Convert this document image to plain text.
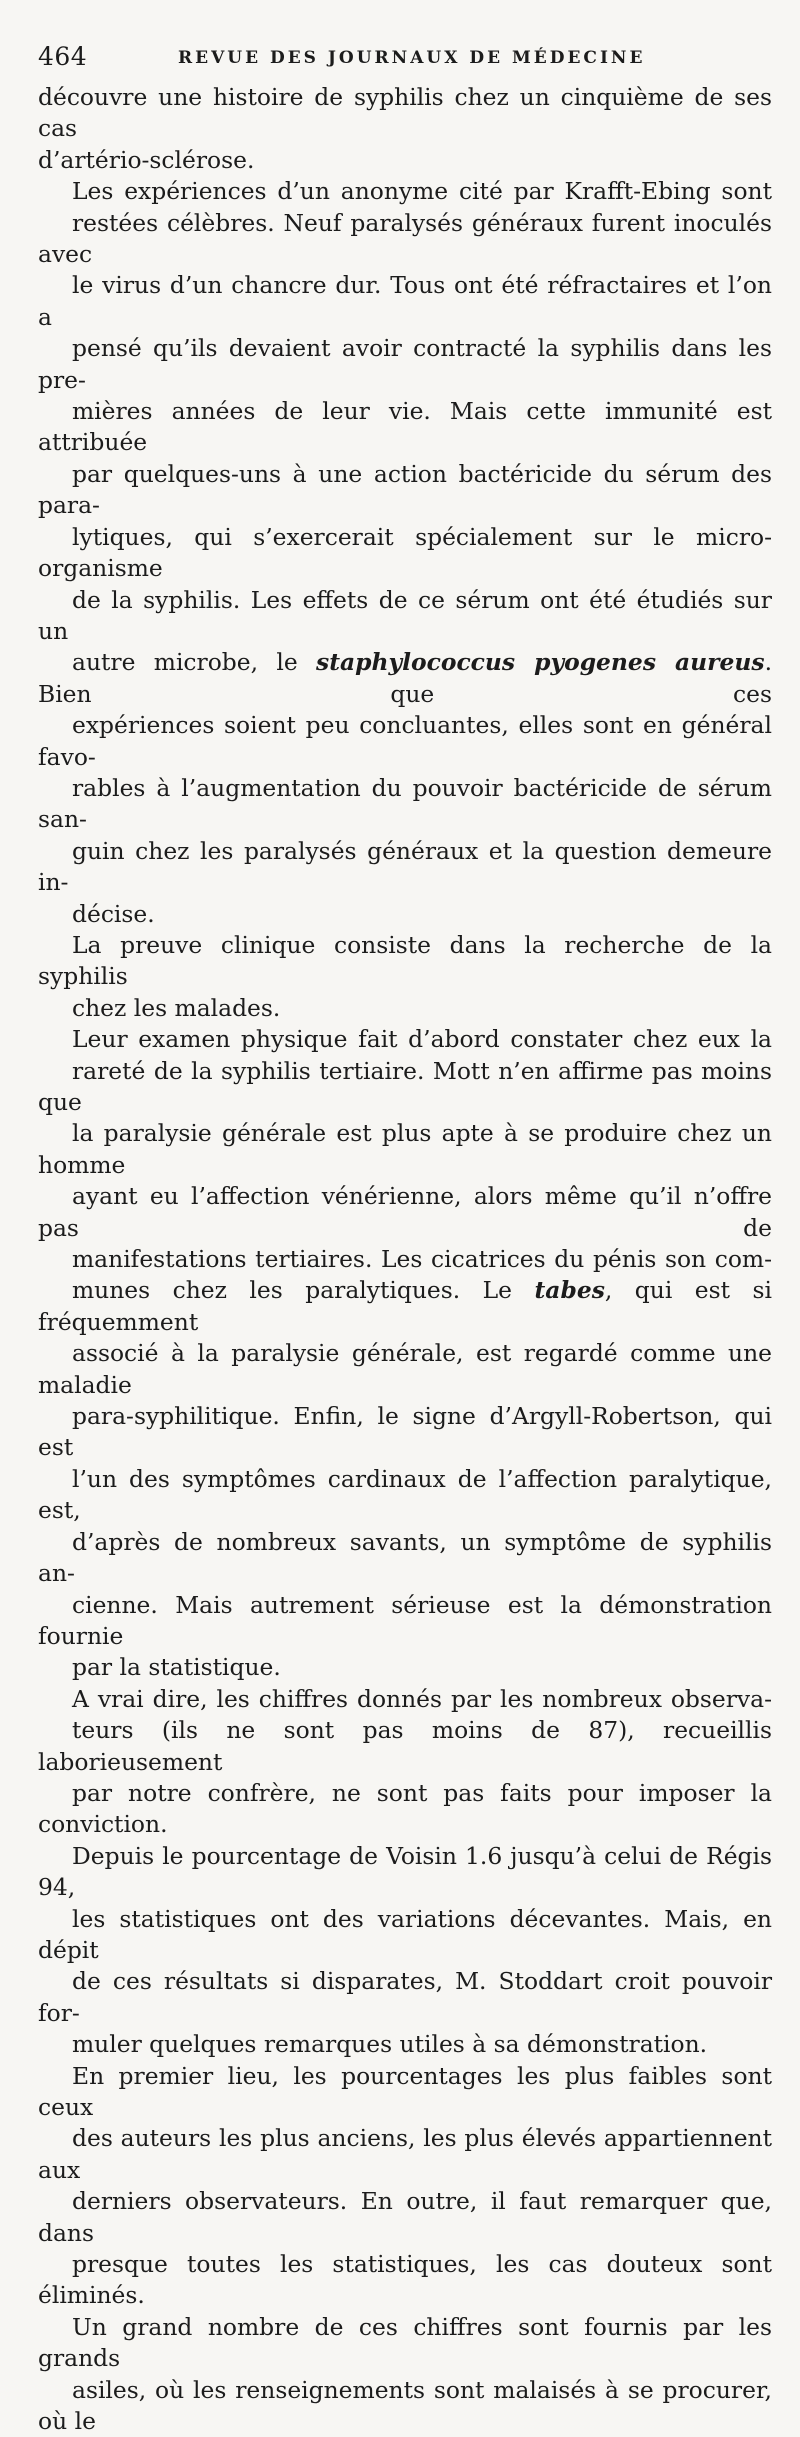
464	REVUE DES JOURNAUX DE MÉDECINE

découvre une histoire de syphilis chez un cinquième de ses cas
d’artério-sclérose.

Les expériences d’un anonyme cité par Krafft-Ebing sont
restées célèbres. Neuf paralysés généraux furent inoculés avec
le virus d’un chancre dur. Tous ont été réfractaires et l’on a
pensé qu’ils devaient avoir contracté la syphilis dans les pre-
mières années de leur vie. Mais cette immunité est attribuée
par quelques-uns à une action bactéricide du sérum des para-
lytiques, qui s’exercerait spécialement sur le micro-organisme
de la syphilis. Les effets de ce sérum ont été étudiés sur un
autre microbe, le staphylococcus pyogenes aureus. Bien que ces
expériences soient peu concluantes, elles sont en général favo-
rables à l’augmentation du pouvoir bactéricide de sérum san-
guin chez les paralysés généraux et la question demeure in-
décise.

La preuve clinique consiste dans la recherche de la syphilis
chez les malades.

Leur examen physique fait d’abord constater chez eux la
rareté de la syphilis tertiaire. Mott n’en affirme pas moins que
la paralysie générale est plus apte à se produire chez un homme
ayant eu l’affection vénérienne, alors même qu’il n’offre pas de
manifestations tertiaires. Les cicatrices du pénis son com-
munes chez les paralytiques. Le tabes, qui est si fréquemment
associé à la paralysie générale, est regardé comme une maladie
para-syphilitique. Enfin, le signe d’Argyll-Robertson, qui est
l’un des symptômes cardinaux de l’affection paralytique, est,
d’après de nombreux savants, un symptôme de syphilis an-
cienne. Mais autrement sérieuse est la démonstration fournie
par la statistique.

A vrai dire, les chiffres donnés par les nombreux observa-
teurs (ils ne sont pas moins de 87), recueillis laborieusement
par notre confrère, ne sont pas faits pour imposer la conviction.
Depuis le pourcentage de Voisin 1.6 jusqu’à celui de Régis 94,
les statistiques ont des variations décevantes. Mais, en dépit
de ces résultats si disparates, M. Stoddart croit pouvoir for-
muler quelques remarques utiles à sa démonstration.

En premier lieu, les pourcentages les plus faibles sont ceux
des auteurs les plus anciens, les plus élevés appartiennent aux
derniers observateurs. En outre, il faut remarquer que, dans
presque toutes les statistiques, les cas douteux sont éliminés.
Un grand nombre de ces chiffres sont fournis par les grands
asiles, où les renseignements sont malaisés à se procurer, où le
